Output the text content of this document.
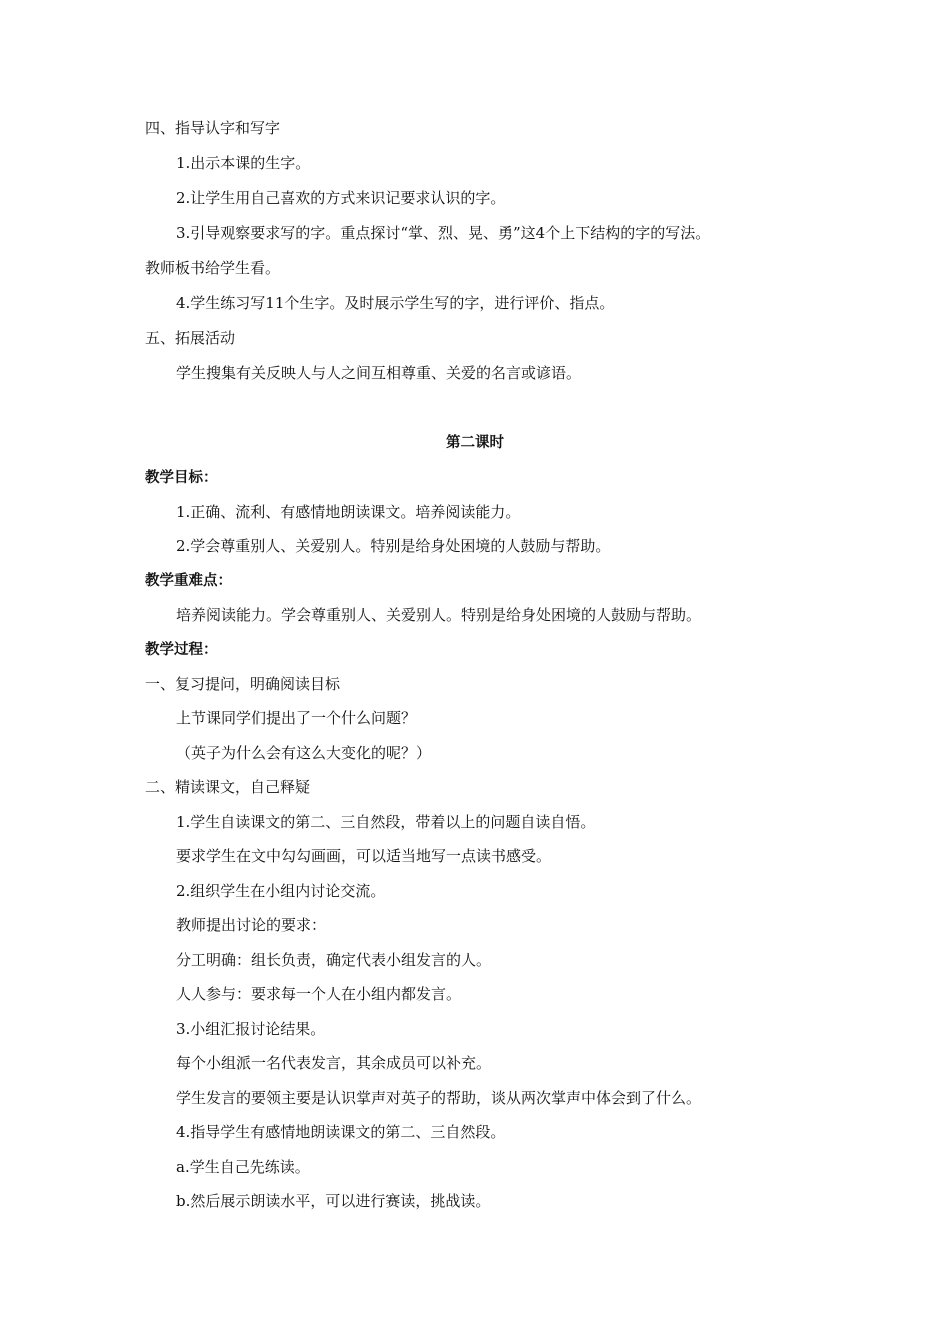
四、指导认字和写字
1.出示本课的生字。
2.让学生用自己喜欢的方式来识记要求认识的字。
3.引导观察要求写的字。重点探讨“掌、烈、晃、勇”这4个上下结构的字的写法。
教师板书给学生看。
4.学生练习写11个生字。及时展示学生写的字，进行评价、指点。
五、拓展活动
学生搜集有关反映人与人之间互相尊重、关爱的名言或谚语。
第二课时
教学目标：
1.正确、流利、有感情地朗读课文。培养阅读能力。
2.学会尊重别人、关爱别人。特别是给身处困境的人鼓励与帮助。
教学重难点：
培养阅读能力。学会尊重别人、关爱别人。特别是给身处困境的人鼓励与帮助。
教学过程：
一、复习提问，明确阅读目标
上节课同学们提出了一个什么问题？
（英子为什么会有这么大变化的呢？）
二、精读课文，自己释疑
1.学生自读课文的第二、三自然段，带着以上的问题自读自悟。
要求学生在文中勾勾画画，可以适当地写一点读书感受。
2.组织学生在小组内讨论交流。
教师提出讨论的要求：
分工明确：组长负责，确定代表小组发言的人。
人人参与：要求每一个人在小组内都发言。
3.小组汇报讨论结果。
每个小组派一名代表发言，其余成员可以补充。
学生发言的要领主要是认识掌声对英子的帮助，谈从两次掌声中体会到了什么。
4.指导学生有感情地朗读课文的第二、三自然段。
a.学生自己先练读。
b.然后展示朗读水平，可以进行赛读，挑战读。
